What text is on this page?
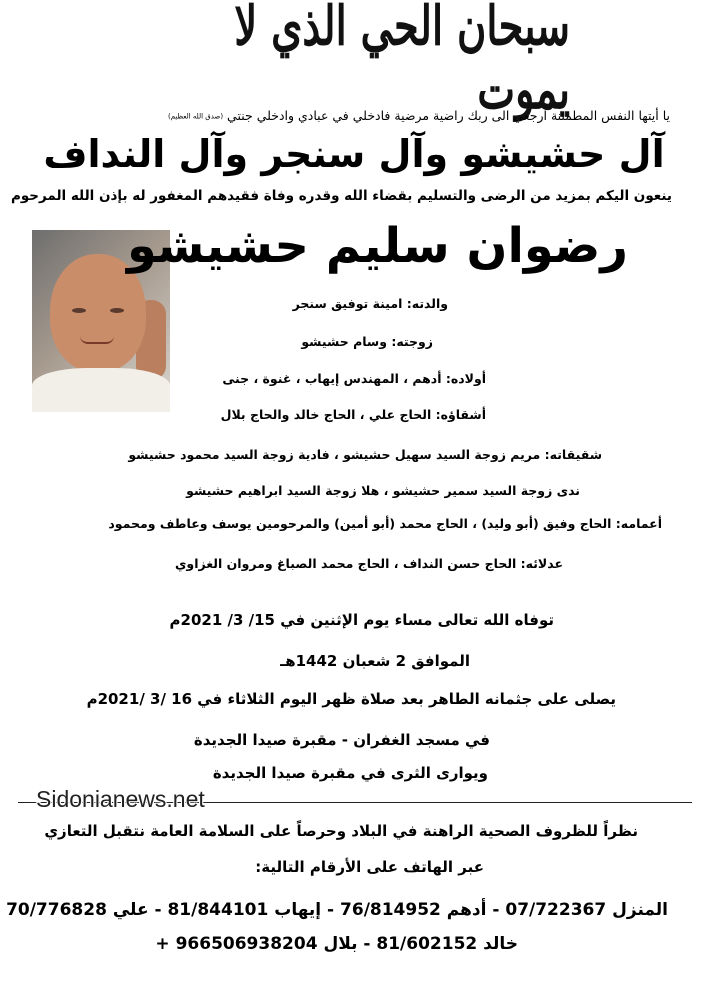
سبحان الحي الذي لا يموت
يا أيتها النفس المطمئنة ارجعي الى ربك راضية مرضية فادخلي في عبادي وادخلي جنتي (صدق الله العظيم)
آل حشيشو وآل سنجر وآل النداف
ينعون اليكم بمزيد من الرضى والتسليم بقضاء الله وقدره وفاة فقيدهم المغفور له بإذن الله المرحوم
رضوان سليم حشيشو
والدته: امينة توفيق سنجر
زوجته: وسام حشيشو
أولاده: أدهم ، المهندس إيهاب ، غنوة ، جنى
أشقاؤه: الحاج علي ، الحاج خالد والحاج بلال
شقيقاته: مريم زوجة السيد سهيل حشيشو ، فادية زوجة السيد محمود حشيشو
ندى زوجة السيد سمير حشيشو ، هلا زوجة السيد ابراهيم حشيشو
أعمامه: الحاج وفيق (أبو وليد) ، الحاج محمد (أبو أمين) والمرحومين يوسف وعاطف ومحمود
عدلائه: الحاج حسن النداف ، الحاج محمد الصباغ ومروان الغزاوي
توفاه الله تعالى مساء يوم الإثنين في 15/ 3/ 2021م
الموافق 2 شعبان 1442هـ
يصلى على جثمانه الطاهر بعد صلاة ظهر اليوم الثلاثاء في 16 /3 /2021م
في مسجد الغفران - مقبرة صيدا الجديدة
ويوارى الثرى في مقبرة صيدا الجديدة
Sidonianews.net
نظراً للظروف الصحية الراهنة في البلاد وحرصاً على السلامة العامة نتقبل التعازي
عبر الهاتف على الأرقام التالية:
المنزل 07/722367 - أدهم 76/814952 - إيهاب 81/844101 - علي 70/776828
خالد 81/602152 - بلال 966506938204 +
